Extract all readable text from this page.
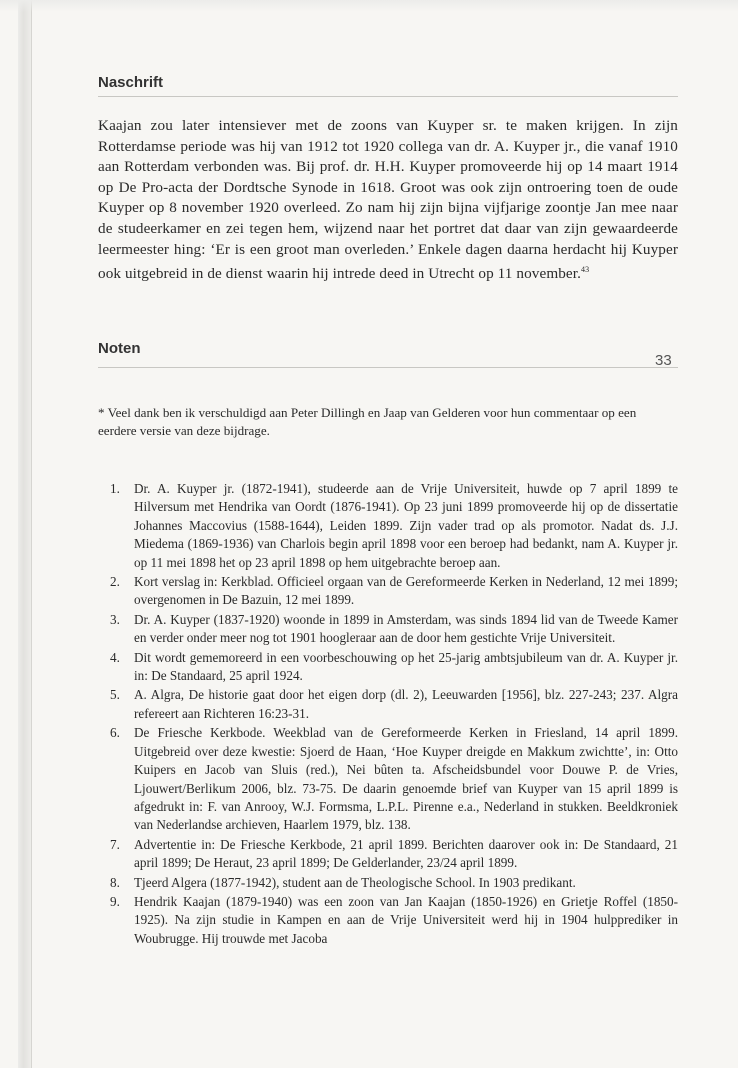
Naschrift

Kaajan zou later intensiever met de zoons van Kuyper sr. te maken krijgen. In zijn Rotterdamse periode was hij van 1912 tot 1920 collega van dr. A. Kuyper jr., die vanaf 1910 aan Rotterdam verbonden was. Bij prof. dr. H.H. Kuyper promoveerde hij op 14 maart 1914 op De Pro-acta der Dordtsche Synode in 1618. Groot was ook zijn ontroering toen de oude Kuyper op 8 november 1920 overleed. Zo nam hij zijn bijna vijfjarige zoontje Jan mee naar de studeerkamer en zei tegen hem, wijzend naar het portret dat daar van zijn gewaardeerde leermeester hing: ‘Er is een groot man overleden.’ Enkele dagen daarna herdacht hij Kuyper ook uitgebreid in de dienst waarin hij intrede deed in Utrecht op 11 november.$^{43}$

Noten
33

* Veel dank ben ik verschuldigd aan Peter Dillingh en Jaap van Gelderen voor hun commentaar op een eerdere versie van deze bijdrage.

1.	Dr. A. Kuyper jr. (1872-1941), studeerde aan de Vrije Universiteit, huwde op 7 april 1899 te Hilversum met Hendrika van Oordt (1876-1941). Op 23 juni 1899 promoveerde hij op de dissertatie Johannes Maccovius (1588-1644), Leiden 1899. Zijn vader trad op als promotor. Nadat ds. J.J. Miedema (1869-1936) van Charlois begin april 1898 voor een beroep had bedankt, nam A. Kuyper jr. op 11 mei 1898 het op 23 april 1898 op hem uitgebrachte beroep aan.
2.	Kort verslag in: Kerkblad. Officieel orgaan van de Gereformeerde Kerken in Nederland, 12 mei 1899; overgenomen in De Bazuin, 12 mei 1899.
3.	Dr. A. Kuyper (1837-1920) woonde in 1899 in Amsterdam, was sinds 1894 lid van de Tweede Kamer en verder onder meer nog tot 1901 hoogleraar aan de door hem gestichte Vrije Universiteit.
4.	Dit wordt gememoreerd in een voorbeschouwing op het 25-jarig ambtsjubileum van dr. A. Kuyper jr. in: De Standaard, 25 april 1924.
5.	A. Algra, De historie gaat door het eigen dorp (dl. 2), Leeuwarden [1956], blz. 227-243; 237. Algra refereert aan Richteren 16:23-31.
6.	De Friesche Kerkbode. Weekblad van de Gereformeerde Kerken in Friesland, 14 april 1899. Uitgebreid over deze kwestie: Sjoerd de Haan, ‘Hoe Kuyper dreigde en Makkum zwichtte’, in: Otto Kuipers en Jacob van Sluis (red.), Nei bûten ta. Afscheidsbundel voor Douwe P. de Vries, Ljouwert/Berlikum 2006, blz. 73-75. De daarin genoemde brief van Kuyper van 15 april 1899 is afgedrukt in: F. van Anrooy, W.J. Formsma, L.P.L. Pirenne e.a., Nederland in stukken. Beeldkroniek van Nederlandse archieven, Haarlem 1979, blz. 138.
7.	Advertentie in: De Friesche Kerkbode, 21 april 1899. Berichten daarover ook in: De Standaard, 21 april 1899; De Heraut, 23 april 1899; De Gelderlander, 23/24 april 1899.
8.	Tjeerd Algera (1877-1942), student aan de Theologische School. In 1903 predikant.
9.	Hendrik Kaajan (1879-1940) was een zoon van Jan Kaajan (1850-1926) en Grietje Roffel (1850-1925). Na zijn studie in Kampen en aan de Vrije Universiteit werd hij in 1904 hulpprediker in Woubrugge. Hij trouwde met Jacoba
